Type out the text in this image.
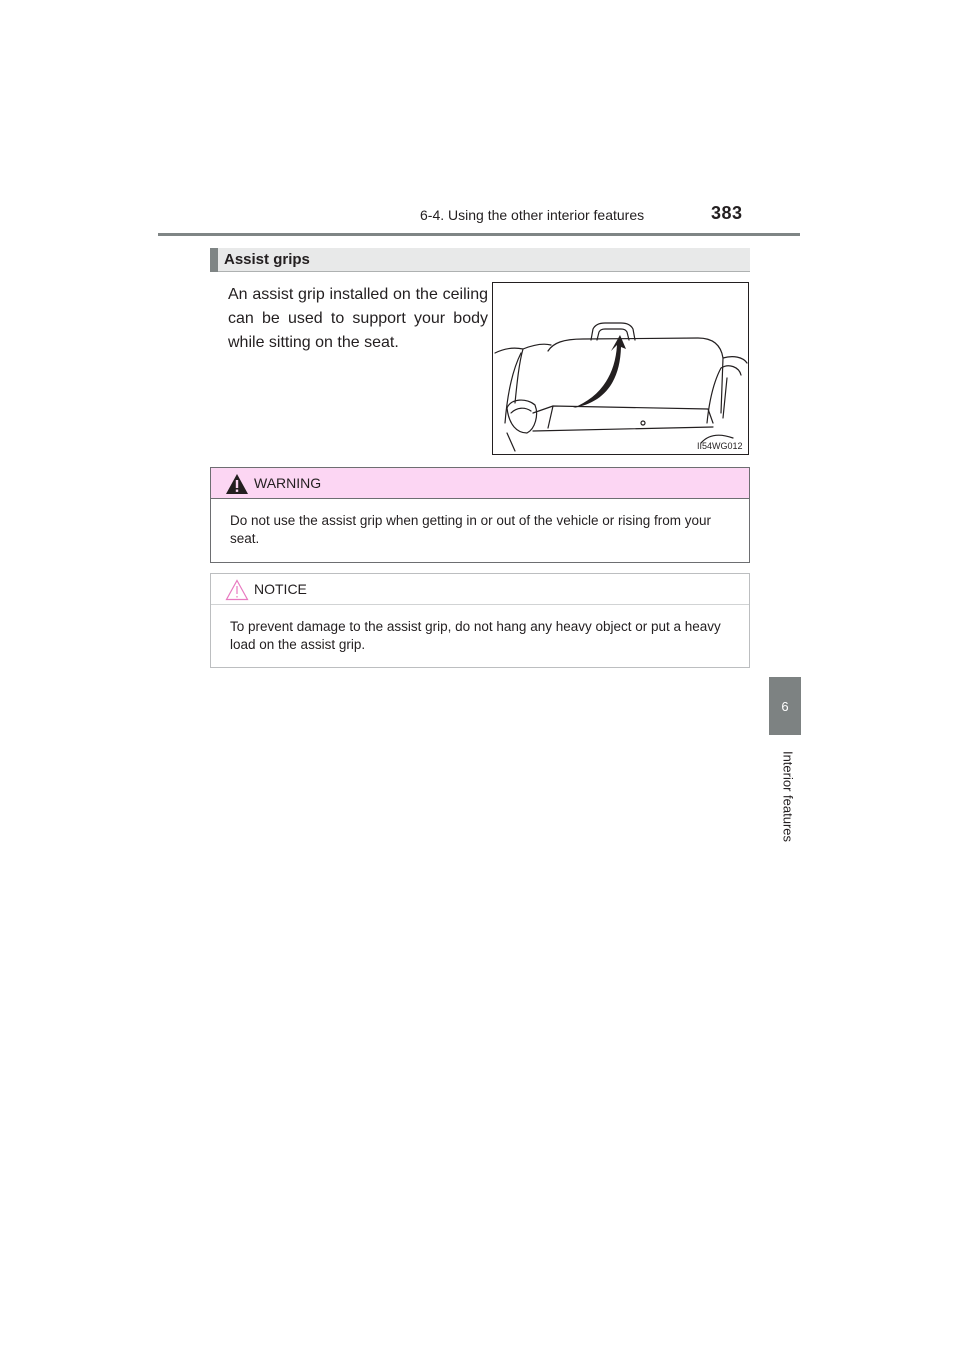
6-4. Using the other interior features	383
6
Interior features
Assist grips
An assist grip installed on the ceiling can be used to support your body while sitting on the seat.
II54WG012
WARNING
Do not use the assist grip when getting in or out of the vehicle or rising from your seat.
NOTICE
To prevent damage to the assist grip, do not hang any heavy object or put a heavy load on the assist grip.
